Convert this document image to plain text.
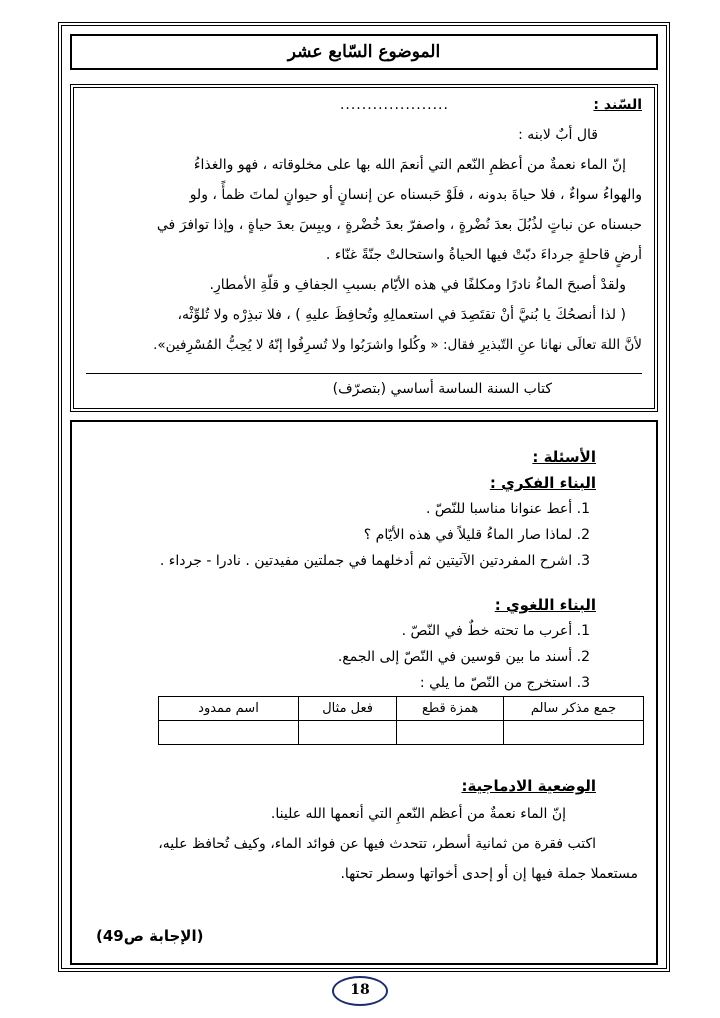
الموضوع السّابع عشر
السّند : ....................
قال أبٌ لابنه :
إنّ الماء نعمةٌ من أعظمِ النّعم التي أنعمَ الله بها على مخلوقاته ، فهو والغذاءُ
والهواءُ سواءٌ ، فلا حياةَ بدونه ، فلَوْ حَبسناه عن إنسانٍ أو حيوانٍ لماتَ ظمأً ، ولو
حبسناه عن نباتٍ لذُبُلَ بعدَ نُضْرةٍ ، واصفرّ بعدَ خُضْرةٍ ، ويبِسَ بعدَ حياةٍ ، وإذا توافرَ في
أرضٍ قاحلةٍ جرداءَ دبّتْ فيها الحياةُ واستحالتْ جنّةً غنّاء .
ولقدْ أصبحَ الماءُ نادرًا ومكلفًا في هذه الأيّام بسببِ الجفافِ و قلّةِ الأمطارِ.
( لذا أنصحُكَ يا بُنيَّ أنْ تقتَصِدَ في استعمالِهِ وتُحافِظَ عليهِ ) ، فلا تبذِرْه ولا تُلوِّثْه،
لأنَّ اللهَ تعالَى نهانا عنِ التّبذيرِ فقال: « وكُلوا واشرَبُوا ولا تُسرِفُوا إنّهُ لا يُحِبُّ المُسْرِفين».
كتاب السنة الساسة أساسي (بتصرّف)
الأسئلة :
البناء الفكري :
1. أعط عنوانا مناسبا للنّصّ .
2. لماذا صار الماءُ قليلاً في هذه الأيّام ؟
3. اشرح المفردتين الآتيتين ثم أدخلهما في جملتين مفيدتين . نادرا - جرداء .
البناء اللغوي :
1. أعرب ما تحته خطٌ في النّصّ .
2. أسند ما بين قوسين في النّصّ إلى الجمع.
3. استخرج من النّصّ ما يلي :
جمع مذكر سالم	همزة قطع	فعل مثال	اسم ممدود

الوضعية الادماجية:
إنّ الماء نعمةٌ من أعظم النّعمِ التي أنعمها الله علينا.
اكتب فقرة من ثمانية أسطر، تتحدث فيها عن فوائد الماء، وكيف تُحافظ عليه،
مستعملا جملة فيها إن أو إحدى أخواتها وسطر تحتها.
(الإجابة ص49)
18
